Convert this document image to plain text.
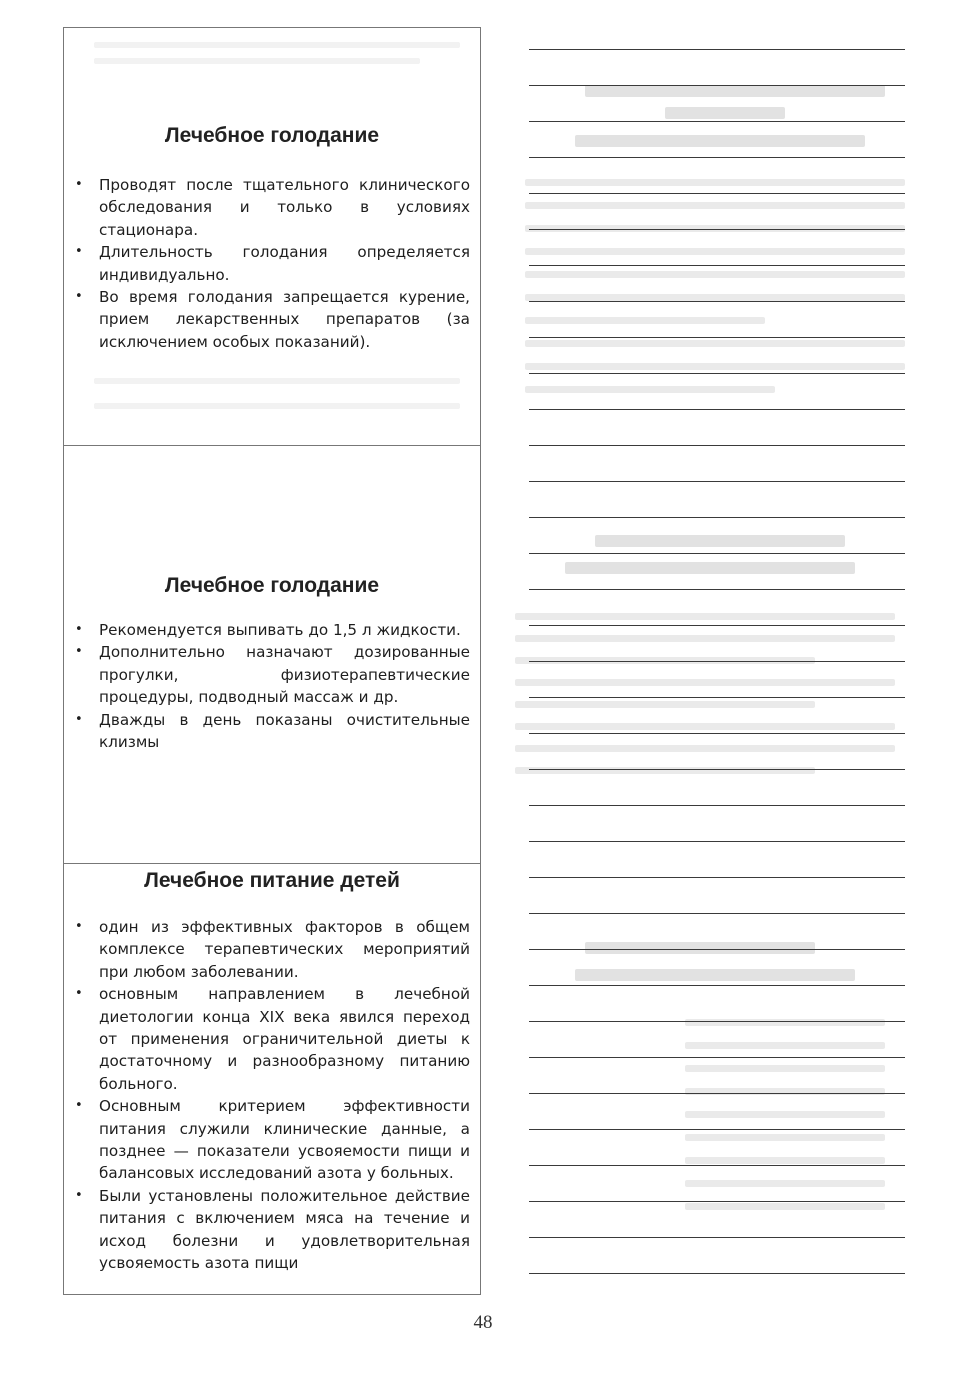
Лечебное голодание
• Проводят после тщательного клинического обследования и только в условиях стационара.
• Длительность голодания определяется индивидуально.
• Во время голодания запрещается курение, прием лекарственных препаратов (за исключением особых показаний).
Лечебное голодание
• Рекомендуется выпивать до 1,5 л жидкости.
• Дополнительно назначают дозированные прогулки, физиотерапевтические процедуры, подводный массаж и др.
• Дважды в день показаны очистительные клизмы
Лечебное питание детей
• один из эффективных факторов в общем комплексе терапевтических мероприятий при любом заболевании.
• основным направлением в лечебной диетологии конца XIX века явился переход от применения ограничительной диеты к достаточному и разнообразному питанию больного.
• Основным критерием эффективности питания служили клинические данные, а позднее — показатели усвояемости пищи и балансовых исследований азота у больных.
• Были установлены положительное действие питания с включением мяса на течение и исход болезни и удовлетворительная усвояемость азота пищи
48
